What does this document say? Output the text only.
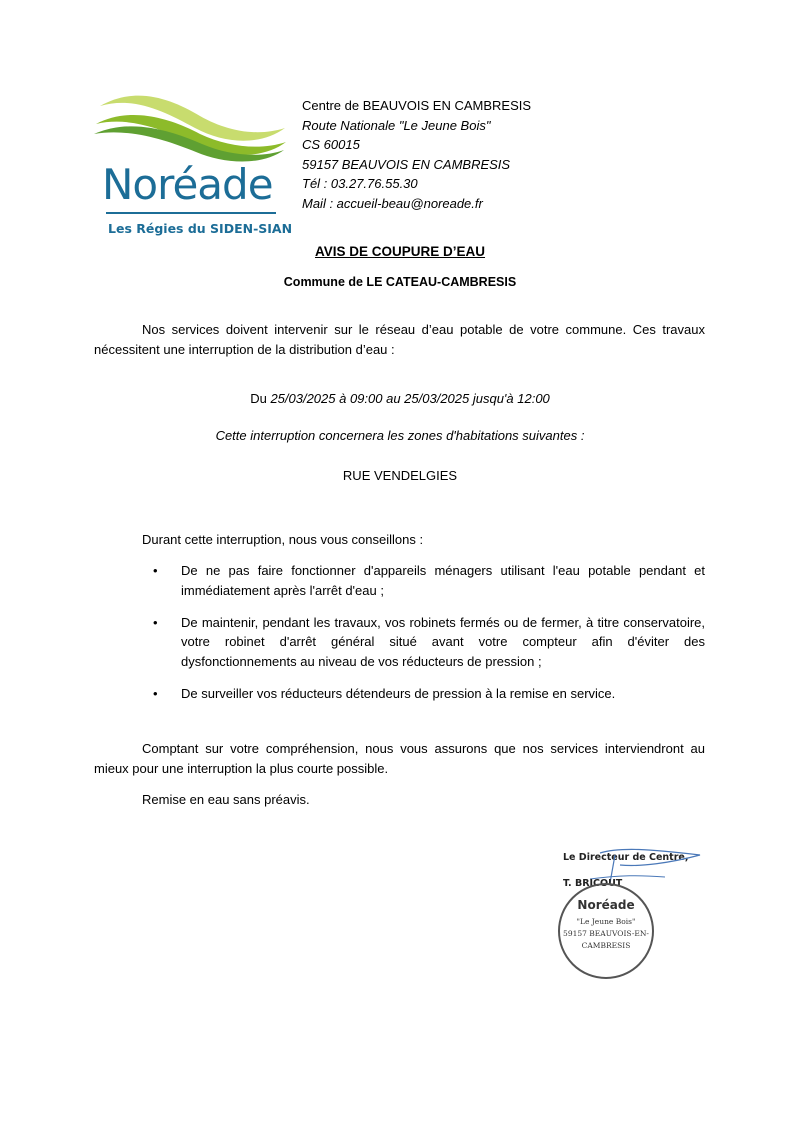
Noréade
Les Régies du SIDEN-SIAN
Centre de BEAUVOIS EN CAMBRESIS
Route Nationale "Le Jeune Bois"
CS 60015
59157 BEAUVOIS EN CAMBRESIS
Tél : 03.27.76.55.30
Mail : accueil-beau@noreade.fr
AVIS DE COUPURE D’EAU
Commune de LE CATEAU-CAMBRESIS
Nos services doivent intervenir sur le réseau d’eau potable de votre commune. Ces travaux nécessitent une interruption de la distribution d’eau :
Du 25/03/2025 à 09:00 au 25/03/2025 jusqu'à 12:00
Cette interruption concernera les zones d'habitations suivantes :
RUE VENDELGIES
Durant cette interruption, nous vous conseillons :
• De ne pas faire fonctionner d'appareils ménagers utilisant l'eau potable pendant et immédiatement après l'arrêt d'eau ;
• De maintenir, pendant les travaux, vos robinets fermés ou de fermer, à titre conservatoire, votre robinet d'arrêt général situé avant votre compteur afin d'éviter des dysfonctionnements au niveau de vos réducteurs de pression ;
• De surveiller vos réducteurs détendeurs de pression à la remise en service.
Comptant sur votre compréhension, nous vous assurons que nos services interviendront au mieux pour une interruption la plus courte possible.
Remise en eau sans préavis.
Le Directeur de Centre,
T. BRICOUT
Noréade
"Le Jeune Bois"
59157 BEAUVOIS-EN-
CAMBRESIS
